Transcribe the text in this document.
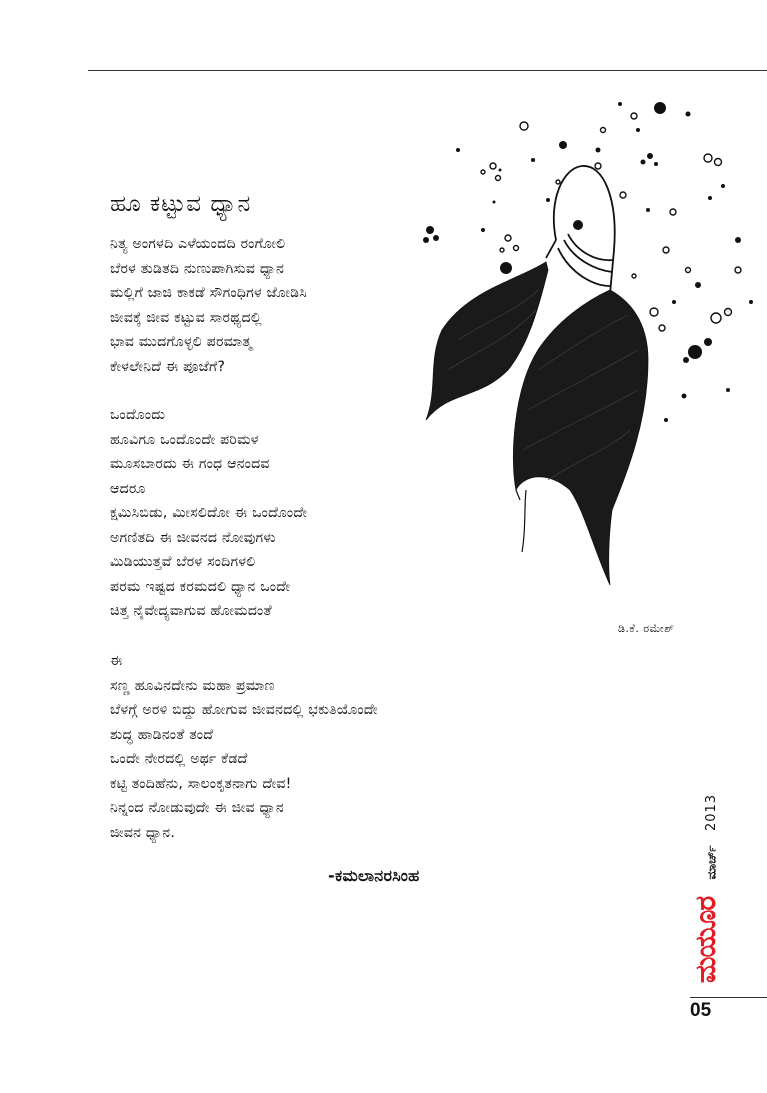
ಡಿ.ಕೆ. ರಮೇಶ್
ಹೂ ಕಟ್ಟುವ ಧ್ಯಾನ
ನಿತ್ಯ ಅಂಗಳದಿ ಎಳೆಯಂದದಿ ರಂಗೋಲಿ
ಬೆರಳ ತುಡಿತದಿ ನುಣುಪಾಗಿಸುವ ಧ್ಯಾನ
ಮಲ್ಲಿಗೆ ಜಾಜಿ ಕಾಕಡೆ ಸೌಗಂಧಿಗಳ ಜೋಡಿಸಿ
ಜೀವಕ್ಕೆ ಜೀವ ಕಟ್ಟುವ ಸಾರಥ್ಯದಲ್ಲಿ
ಭಾವ ಮುದಗೊಳ್ಳಲಿ ಪರಮಾತ್ಮ
ಕೇಳಲೇನಿದೆ ಈ ಪೂಜೆಗೆ?
ಒಂದೊಂದು
ಹೂವಿಗೂ ಒಂದೊಂದೇ ಪರಿಮಳ
ಮೂಸಬಾರದು ಈ ಗಂಧ ಆನಂದವ
ಆದರೂ
ಕ್ಷಮಿಸಿಬಿಡು, ಮೀಸಲಿದೋ ಈ ಒಂದೊಂದೇ
ಅಗಣಿತದಿ ಈ ಜೀವನದ ನೋವುಗಳು
ಮಿಡಿಯುತ್ತವೆ ಬೆರಳ ಸಂದಿಗಳಲಿ
ಪರಮ ಇಷ್ಟದ ಕರಮದಲಿ ಧ್ಯಾನ ಒಂದೇ
ಚಿತ್ತ ನೈವೇದ್ಯವಾಗುವ ಹೋಮದಂತೆ
ಈ
ಸಣ್ಣ ಹೂವಿನದೇನು ಮಹಾ ಪ್ರಮಾಣ
ಬೆಳಗ್ಗೆ ಅರಳಿ ಬಿದ್ದು ಹೋಗುವ ಜೀವನದಲ್ಲಿ ಭಕುತಿಯೊಂದೇ
ಶುದ್ಧ ಹಾಡಿನಂತೆ ತಂದೆ
ಒಂದೇ ನೇರದಲ್ಲಿ ಅರ್ಥ ಕೆಡದೆ
ಕಟ್ಟಿ ತಂದಿಹೆನು, ಸಾಲಂಕೃತನಾಗು ದೇವ!
ನಿನ್ನಂದ ನೋಡುವುದೇ ಈ ಜೀವ ಧ್ಯಾನ
ಜೀವನ ಧ್ಯಾನ.
-ಕಮಲಾನರಸಿಂಹ
2013
ಮಾರ್ಚ್
ಮಯೂರ
05
